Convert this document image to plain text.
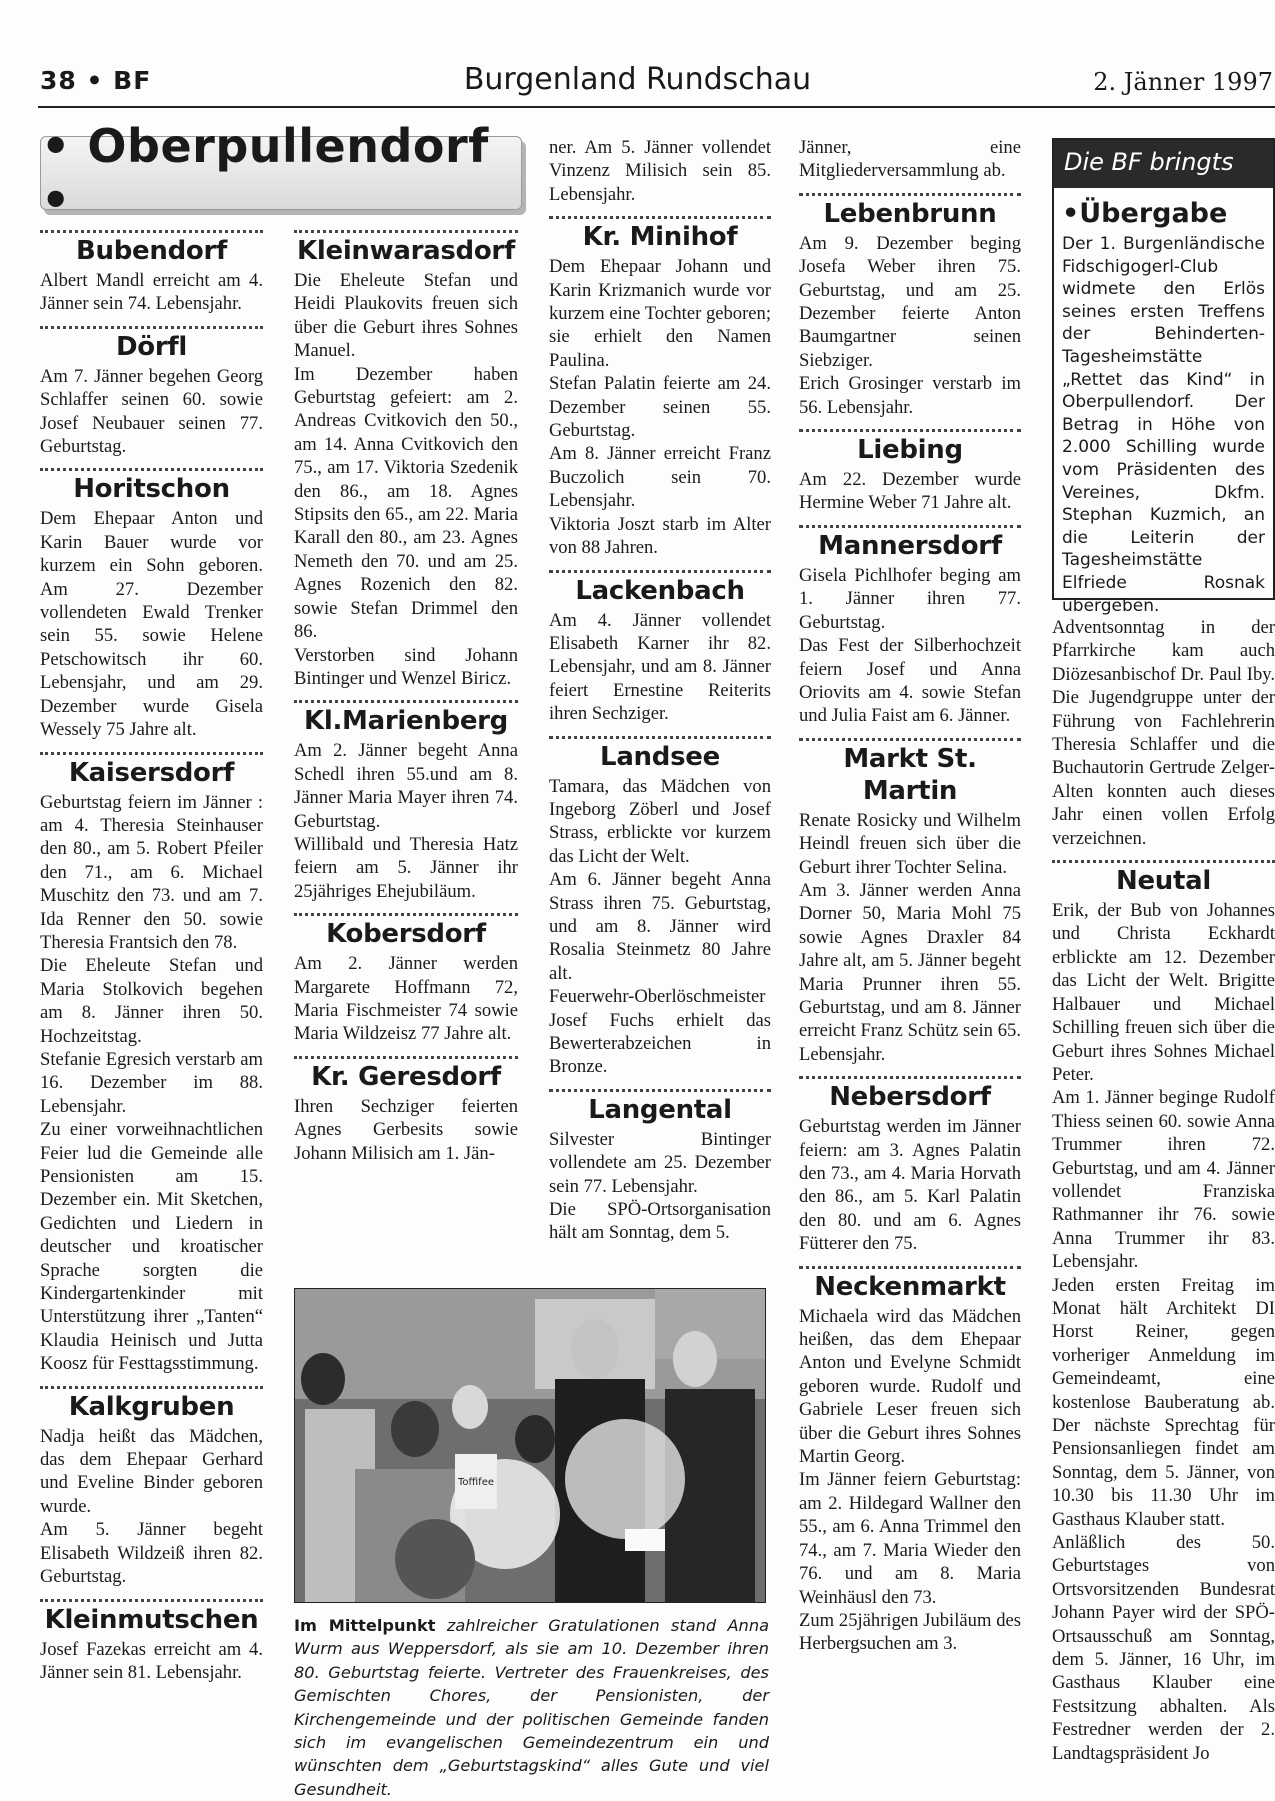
38 • BF	Burgenland Rundschau	2. Jänner 1997
• Oberpullendorf •
Bubendorf

Albert Mandl erreicht am 4. Jänner sein 74. Lebensjahr.

Dörfl

Am 7. Jänner begehen Georg Schlaffer seinen 60. sowie Josef Neubauer seinen 77. Geburtstag.

Horitschon

Dem Ehepaar Anton und Karin Bauer wurde vor kurzem ein Sohn geboren. Am 27. Dezember vollendeten Ewald Trenker sein 55. sowie Helene Petschowitsch ihr 60. Lebensjahr, und am 29. Dezember wurde Gisela Wessely 75 Jahre alt.

Kaisersdorf

Geburtstag feiern im Jänner : am 4. Theresia Steinhauser den 80., am 5. Robert Pfeiler den 71., am 6. Michael Muschitz den 73. und am 7. Ida Renner den 50. sowie Theresia Frantsich den 78.

Die Eheleute Stefan und Maria Stolkovich begehen am 8. Jänner ihren 50. Hochzeitstag.

Stefanie Egresich verstarb am 16. Dezember im 88. Lebensjahr.

Zu einer vorweihnachtlichen Feier lud die Gemeinde alle Pensionisten am 15. Dezember ein. Mit Sketchen, Gedichten und Liedern in deutscher und kroatischer Sprache sorgten die Kindergartenkinder mit Unterstützung ihrer „Tanten“ Klaudia Heinisch und Jutta Koosz für Festtagsstimmung.

Kalkgruben

Nadja heißt das Mädchen, das dem Ehepaar Gerhard und Eveline Binder geboren wurde.

Am 5. Jänner begeht Elisabeth Wildzeiß ihren 82. Geburtstag.

Kleinmutschen

Josef Fazekas erreicht am 4. Jänner sein 81. Lebensjahr.

Kleinwarasdorf

Die Eheleute Stefan und Heidi Plaukovits freuen sich über die Geburt ihres Sohnes Manuel.

Im Dezember haben Geburtstag gefeiert: am 2. Andreas Cvitkovich den 50., am 14. Anna Cvitkovich den 75., am 17. Viktoria Szedenik den 86., am 18. Agnes Stipsits den 65., am 22. Maria Karall den 80., am 23. Agnes Nemeth den 70. und am 25. Agnes Rozenich den 82. sowie Stefan Drimmel den 86.

Verstorben sind Johann Bintinger und Wenzel Biricz.

Kl.Marienberg

Am 2. Jänner begeht Anna Schedl ihren 55.und am 8. Jänner Maria Mayer ihren 74. Geburtstag.

Willibald und Theresia Hatz feiern am 5. Jänner ihr 25jähriges Ehejubiläum.

Kobersdorf

Am 2. Jänner werden Margarete Hoffmann 72, Maria Fischmeister 74 sowie Maria Wildzeisz 77 Jahre alt.

Kr. Geresdorf

Ihren Sechziger feierten Agnes Gerbesits sowie Johann Milisich am 1. Jän-

ner. Am 5. Jänner vollendet Vinzenz Milisich sein 85. Lebensjahr.

Kr. Minihof

Dem Ehepaar Johann und Karin Krizmanich wurde vor kurzem eine Tochter geboren; sie erhielt den Namen Paulina.

Stefan Palatin feierte am 24. Dezember seinen 55. Geburtstag.

Am 8. Jänner erreicht Franz Buczolich sein 70. Lebensjahr.

Viktoria Joszt starb im Alter von 88 Jahren.

Lackenbach

Am 4. Jänner vollendet Elisabeth Karner ihr 82. Lebensjahr, und am 8. Jänner feiert Ernestine Reiterits ihren Sechziger.

Landsee

Tamara, das Mädchen von Ingeborg Zöberl und Josef Strass, erblickte vor kurzem das Licht der Welt.

Am 6. Jänner begeht Anna Strass ihren 75. Geburtstag, und am 8. Jänner wird Rosalia Steinmetz 80 Jahre alt.

Feuerwehr-Oberlöschmeister Josef Fuchs erhielt das Bewerterabzeichen in Bronze.

Langental

Silvester Bintinger vollendete am 25. Dezember sein 77. Lebensjahr.

Die SPÖ-Ortsorganisation hält am Sonntag, dem 5.

Jänner, eine Mitgliederversammlung ab.

Lebenbrunn

Am 9. Dezember beging Josefa Weber ihren 75. Geburtstag, und am 25. Dezember feierte Anton Baumgartner seinen Siebziger.

Erich Grosinger verstarb im 56. Lebensjahr.

Liebing

Am 22. Dezember wurde Hermine Weber 71 Jahre alt.

Mannersdorf

Gisela Pichlhofer beging am 1. Jänner ihren 77. Geburtstag.

Das Fest der Silberhochzeit feiern Josef und Anna Oriovits am 4. sowie Stefan und Julia Faist am 6. Jänner.

Markt St. Martin

Renate Rosicky und Wilhelm Heindl freuen sich über die Geburt ihrer Tochter Selina.

Am 3. Jänner werden Anna Dorner 50, Maria Mohl 75 sowie Agnes Draxler 84 Jahre alt, am 5. Jänner begeht Maria Prunner ihren 55. Geburtstag, und am 8. Jänner erreicht Franz Schütz sein 65. Lebensjahr.

Nebersdorf

Geburtstag werden im Jänner feiern: am 3. Agnes Palatin den 73., am 4. Maria Horvath den 86., am 5. Karl Palatin den 80. und am 6. Agnes Fütterer den 75.

Neckenmarkt

Michaela wird das Mädchen heißen, das dem Ehepaar Anton und Evelyne Schmidt geboren wurde. Rudolf und Gabriele Leser freuen sich über die Geburt ihres Sohnes Martin Georg.

Im Jänner feiern Geburtstag: am 2. Hildegard Wallner den 55., am 6. Anna Trimmel den 74., am 7. Maria Wieder den 76. und am 8. Maria Weinhäusl den 73.

Zum 25jährigen Jubiläum des Herbergsuchen am 3.

Die BF bringts ...
•Übergabe

Der 1. Burgenländische Fidschigogerl-Club widmete den Erlös seines ersten Treffens der Behinderten-Tagesheimstätte „Rettet das Kind“ in Oberpullendorf. Der Betrag in Höhe von 2.000 Schilling wurde vom Präsidenten des Vereines, Dkfm. Stephan Kuzmich, an die Leiterin der Tagesheimstätte Elfriede Rosnak übergeben.

Adventsonntag in der Pfarrkirche kam auch Diözesanbischof Dr. Paul Iby. Die Jugendgruppe unter der Führung von Fachlehrerin Theresia Schlaffer und die Buchautorin Gertrude Zelger-Alten konnten auch dieses Jahr einen vollen Erfolg verzeichnen.

Neutal

Erik, der Bub von Johannes und Christa Eckhardt erblickte am 12. Dezember das Licht der Welt. Brigitte Halbauer und Michael Schilling freuen sich über die Geburt ihres Sohnes Michael Peter.

Am 1. Jänner beginge Rudolf Thiess seinen 60. sowie Anna Trummer ihren 72. Geburtstag, und am 4. Jänner vollendet Franziska Rathmanner ihr 76. sowie Anna Trummer ihr 83. Lebensjahr.

Jeden ersten Freitag im Monat hält Architekt DI Horst Reiner, gegen vorheriger Anmeldung im Gemeindeamt, eine kostenlose Bauberatung ab. Der nächste Sprechtag für Pensionsanliegen findet am Sonntag, dem 5. Jänner, von 10.30 bis 11.30 Uhr im Gasthaus Klauber statt.

Anläßlich des 50. Geburtstages von Ortsvorsitzenden Bundesrat Johann Payer wird der SPÖ-Ortsausschuß am Sonntag, dem 5. Jänner, 16 Uhr, im Gasthaus Klauber eine Festsitzung abhalten. Als Festredner werden der 2. Landtagspräsident Jo

Toffifee
Im Mittelpunkt zahlreicher Gratulationen stand Anna Wurm aus Weppersdorf, als sie am 10. Dezember ihren 80. Geburtstag feierte. Vertreter des Frauenkreises, des Gemischten Chores, der Pensionisten, der Kirchengemeinde und der politischen Gemeinde fanden sich im evangelischen Gemeindezentrum ein und wünschten dem „Geburtstagskind“ alles Gute und viel Gesundheit.
